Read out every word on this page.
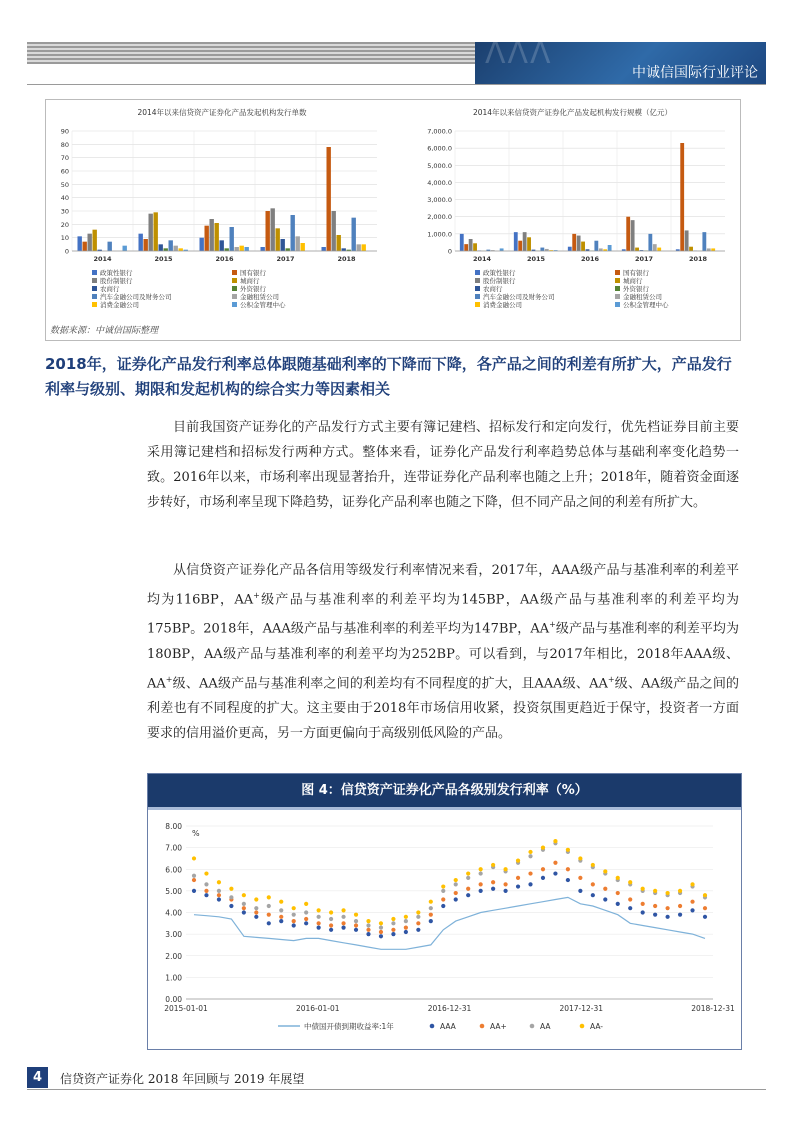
ΛΛΛ
中诚信国际行业评论
2014年以来信贷资产证券化产品发起机构发行单数
0
10
20
30
40
50
60
70
80
90
2014	2015	2016	2017	2018
政策性银行	国有银行
股份制银行	城商行
农商行	外资银行
汽车金融公司及财务公司	金融租赁公司
消费金融公司	公积金管理中心
2014年以来信贷资产证券化产品发起机构发行规模（亿元）
0
1,000.0
2,000.0
3,000.0
4,000.0
5,000.0
6,000.0
7,000.0
2014	2015	2016	2017	2018
政策性银行	国有银行
股份制银行	城商行
农商行	外资银行
汽车金融公司及财务公司	金融租赁公司
消费金融公司	公积金管理中心
数据来源：中诚信国际整理
2018年，证券化产品发行利率总体跟随基础利率的下降而下降，各产品之间的利差有所扩大，产品发行利率与级别、期限和发起机构的综合实力等因素相关
目前我国资产证券化的产品发行方式主要有簿记建档、招标发行和定向发行，优先档证券目前主要采用簿记建档和招标发行两种方式。整体来看，证券化产品发行利率趋势总体与基础利率变化趋势一致。2016年以来，市场利率出现显著抬升，连带证券化产品利率也随之上升；2018年，随着资金面逐步转好，市场利率呈现下降趋势，证券化产品利率也随之下降，但不同产品之间的利差有所扩大。
从信贷资产证券化产品各信用等级发行利率情况来看，2017年，AAA级产品与基准利率的利差平均为116BP，AA+级产品与基准利率的利差平均为145BP，AA级产品与基准利率的利差平均为175BP。2018年，AAA级产品与基准利率的利差平均为147BP，AA+级产品与基准利率的利差平均为180BP，AA级产品与基准利率的利差平均为252BP。可以看到，与2017年相比，2018年AAA级、AA+级、AA级产品与基准利率之间的利差均有不同程度的扩大，且AAA级、AA+级、AA级产品之间的利差也有不同程度的扩大。这主要由于2018年市场信用收紧，投资氛围更趋近于保守，投资者一方面要求的信用溢价更高，另一方面更偏向于高级别低风险的产品。
图 4：信贷资产证券化产品各级别发行利率（%）
0.00
1.00
2.00
3.00
4.00
5.00
6.00
7.00
8.00
%
2015-01-01	2016-01-01	2016-12-31	2017-12-31	2018-12-31
中债国开债到期收益率:1年	AAA	AA+	AA	AA-
4	信贷资产证券化 2018 年回顾与 2019 年展望
